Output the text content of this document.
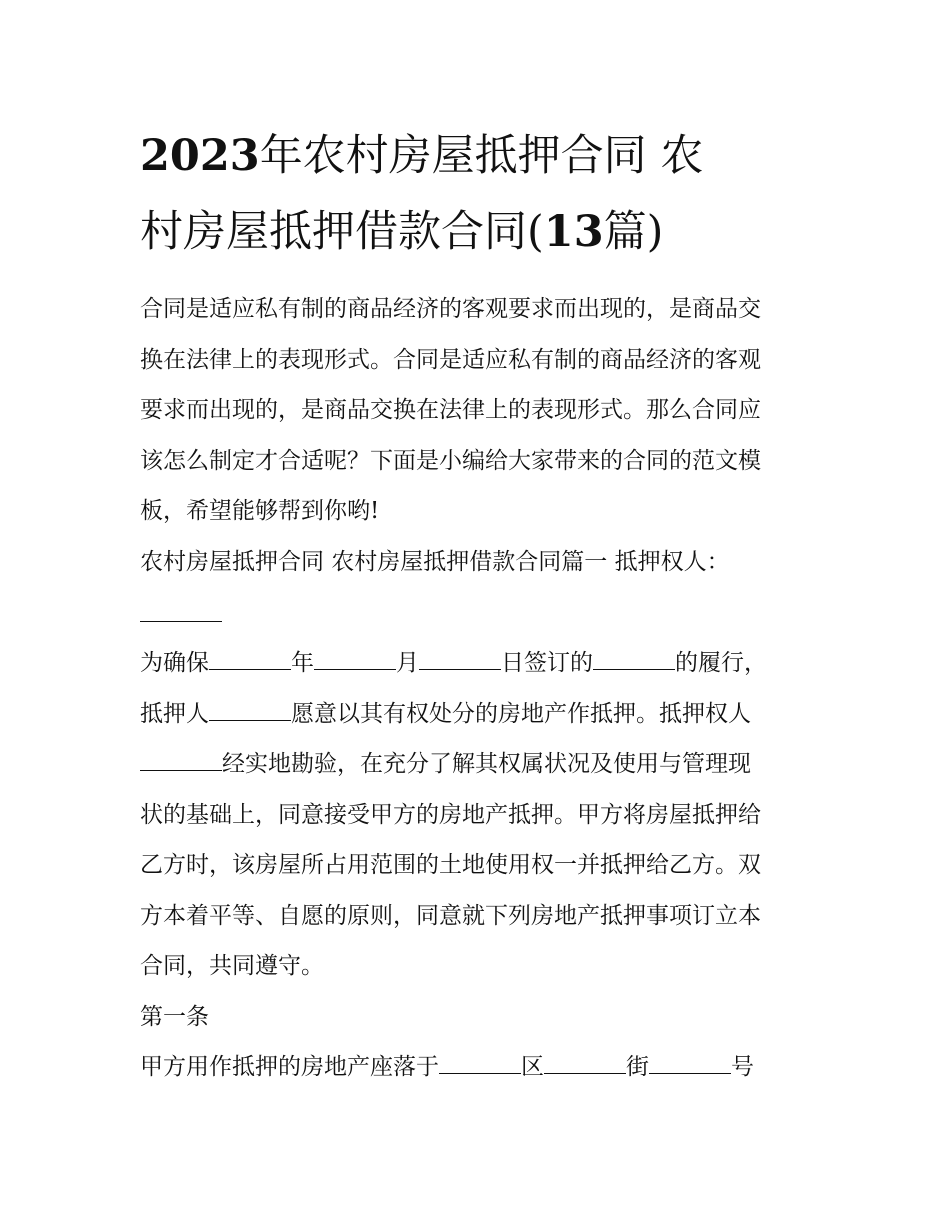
2023年农村房屋抵押合同 农
村房屋抵押借款合同(13篇)

合同是适应私有制的商品经济的客观要求而出现的，是商品交

换在法律上的表现形式。合同是适应私有制的商品经济的客观

要求而出现的，是商品交换在法律上的表现形式。那么合同应

该怎么制定才合适呢？下面是小编给大家带来的合同的范文模

板，希望能够帮到你哟!

农村房屋抵押合同 农村房屋抵押借款合同篇一 抵押权人：

为确保	年	月	日签订的	的履行，

抵押人	愿意以其有权处分的房地产作抵押。抵押权人

经实地勘验，在充分了解其权属状况及使用与管理现

状的基础上，同意接受甲方的房地产抵押。甲方将房屋抵押给

乙方时，该房屋所占用范围的土地使用权一并抵押给乙方。双

方本着平等、自愿的原则，同意就下列房地产抵押事项订立本

合同，共同遵守。

第一条

甲方用作抵押的房地产座落于	区	街	号
